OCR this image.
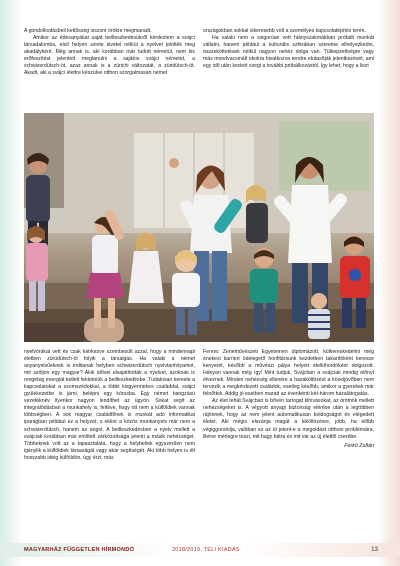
A gondolkodásbeli kettősség viszont örökre megmaradt.

Amikor az édesanyákat saját beilleszkedésükről kérdeztem a svájci társadalomba, első helyen szinte kivétel nélkül a nyelvet jelölték meg akadályként. Még annak is, aki korábban már tudott németül, nem kis erőfeszítést jelentett megtanulni a sajátos svájci németet, a schwizerdütsch-öt, azaz annak is a zürichi változatát, a züridütsch-öt. Akadt, aki a svájci élettre készülve otthon szorgalmasan német

országokban sokkal sikeresebb volt a személyes kapcsolatépítés terén.

Ha valaki nem a szigorúan vett hiányszakmákban próbált munkát vállalni, hanem például a kulturális szférában szeretne elhelyezkedni, összeköttetések nélkül nagyon nehéz dolga van. Tülkepzettségre vagy más mondvacsinált okokra hivatkozva rendre elutasítják jelentkezését, ami egy idő után kedvét szegi a további próbálkozástól. Így lehet, hogy a liszt

nyelvórákat vett és csak kiérkezve szembesült azzal, hogy a mindennapi életben zürüdüisch-öl folyik a társalgás. Ha valaki a német anyanyelvűeknek is inditanak helyben schwizerdütsch nyelvtanfolyamot, mit szóljon egy magyar? Akik idővel elsajátították a nyelvet, azoknak is rengeteg energiát kellett fektetniük a beilleszkedésbe. Tudatosan kereste a kapcsolatokat a szomszédokkal, a többi kisgyermekes családdal, svájci gyülekezetbe is járni, belépni egy kórusba. Egy német hangzású vezetéknév ilyenkor nagyon lendíthet az ügyön. Sokat segít az integrálódásban a munkahely is, feltéve, hogy ott nem a külföldiek vannak többségben. A sok magyar családfőnek is munkát adó informatikai iparágban például ez a helyzet, s ekkor a közös munkanyelv már nem a schwizerdütsch, hanem az angol. A beilleszkedésben a nyelv mellett a svájciak korábban már említett zárkózottsága jelenti a másik nehézséget. Többeknek volt az a tapasztalata, hogy a helybeliek egyszerűen nem igénylik a külföldiek társaságát vagy akár segítségét. Aki több helyen is élt hosszabb ideig külföldön, úgy érzi, más

Ferenc Zeneművészeti Egyetemen diplomázott, külkereskedelmi még énekesi karriert ödelegető honfitársunk kezdetben takarítóként keresse kenyerét, később a művészi pálya helyett ételkihordóként dolgozott. Hányan vannak még így! Mint tudjuk, Svájcban a svájciak mindig előnyt élveznek. Minden nehézség ellenére a hazaköltözést a közeljövőben nem tervezik a megkérdezett családok, esetleg később, amikor a gyerekek már felnőttek. Addig jó esetben marad az évenkénti két-három hazalátogatás.

Az élet tehát Svájcban is bőven tartogat kihívásokat, az örömök mellett nehézségeket is. A végyott anyagi biztonság elérése után a legtöbben rájönnek, hogy az nem jelent automatikusan boldogságot és elégedett életet. Aki mégis elszánja magát a kiköltözésre, jobb, ha előbb végiggondolja, valóban ez az út jelent-e a megoldást otthoni problémáira, illetve mérlegre teszi, mit hagy hátra és mit vár az új élettől cserébe.

Ferkó Zoltán
MAGYARHÁZ FÜGGETLEN HÍRMONDÓ	2018/2019. TÉLI KIADÁS	13
